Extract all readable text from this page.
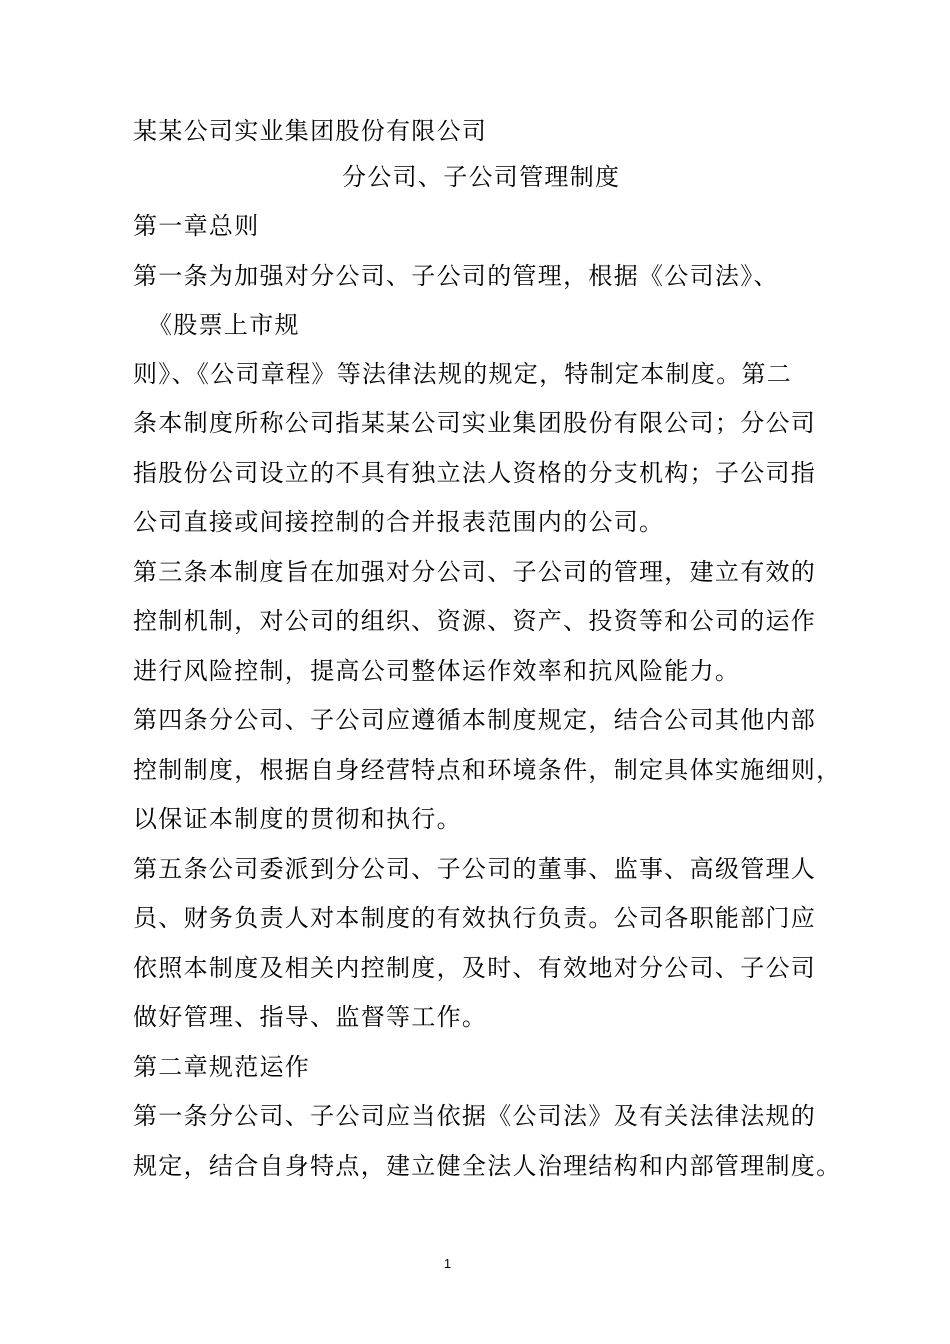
某某公司实业集团股份有限公司
分公司、子公司管理制度
第一章总则
第一条为加强对分公司、子公司的管理，根据《公司法》、
《股票上市规
则》、《公司章程》等法律法规的规定，特制定本制度。第二
条本制度所称公司指某某公司实业集团股份有限公司；分公司
指股份公司设立的不具有独立法人资格的分支机构；子公司指
公司直接或间接控制的合并报表范围内的公司。
第三条本制度旨在加强对分公司、子公司的管理，建立有效的
控制机制，对公司的组织、资源、资产、投资等和公司的运作
进行风险控制，提高公司整体运作效率和抗风险能力。
第四条分公司、子公司应遵循本制度规定，结合公司其他内部
控制制度，根据自身经营特点和环境条件，制定具体实施细则，
以保证本制度的贯彻和执行。
第五条公司委派到分公司、子公司的董事、监事、高级管理人
员、财务负责人对本制度的有效执行负责。公司各职能部门应
依照本制度及相关内控制度，及时、有效地对分公司、子公司
做好管理、指导、监督等工作。
第二章规范运作
第一条分公司、子公司应当依据《公司法》及有关法律法规的
规定，结合自身特点，建立健全法人治理结构和内部管理制度。
1
